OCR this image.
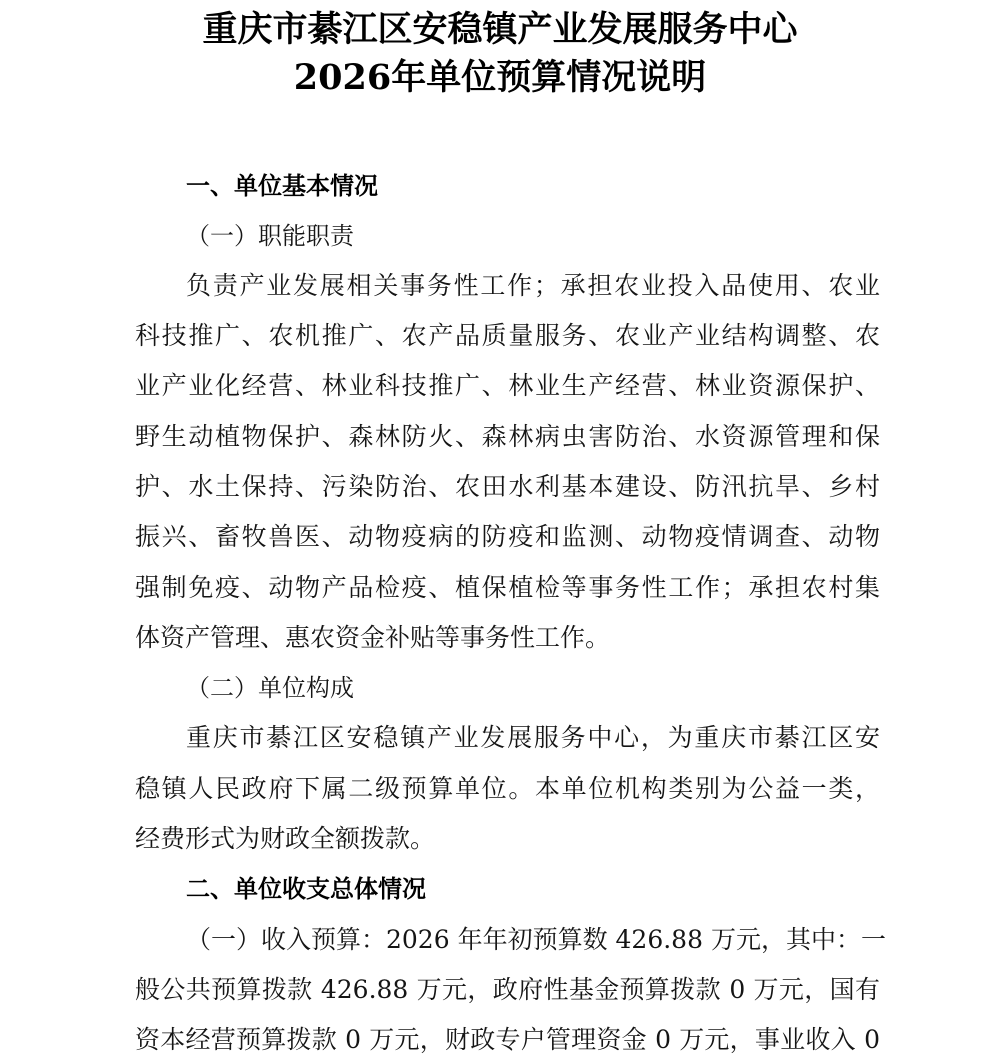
重庆市綦江区安稳镇产业发展服务中心
2026年单位预算情况说明
一、单位基本情况
（一）职能职责
负责产业发展相关事务性工作；承担农业投入品使用、农业
科技推广、农机推广、农产品质量服务、农业产业结构调整、农
业产业化经营、林业科技推广、林业生产经营、林业资源保护、
野生动植物保护、森林防火、森林病虫害防治、水资源管理和保
护、水土保持、污染防治、农田水利基本建设、防汛抗旱、乡村
振兴、畜牧兽医、动物疫病的防疫和监测、动物疫情调查、动物
强制免疫、动物产品检疫、植保植检等事务性工作；承担农村集
体资产管理、惠农资金补贴等事务性工作。
（二）单位构成
重庆市綦江区安稳镇产业发展服务中心，为重庆市綦江区安
稳镇人民政府下属二级预算单位。本单位机构类别为公益一类，
经费形式为财政全额拨款。
二、单位收支总体情况
（一）收入预算：2026 年年初预算数 426.88 万元，其中：一
般公共预算拨款 426.88 万元，政府性基金预算拨款 0 万元，国有
资本经营预算拨款 0 万元，财政专户管理资金 0 万元，事业收入 0
